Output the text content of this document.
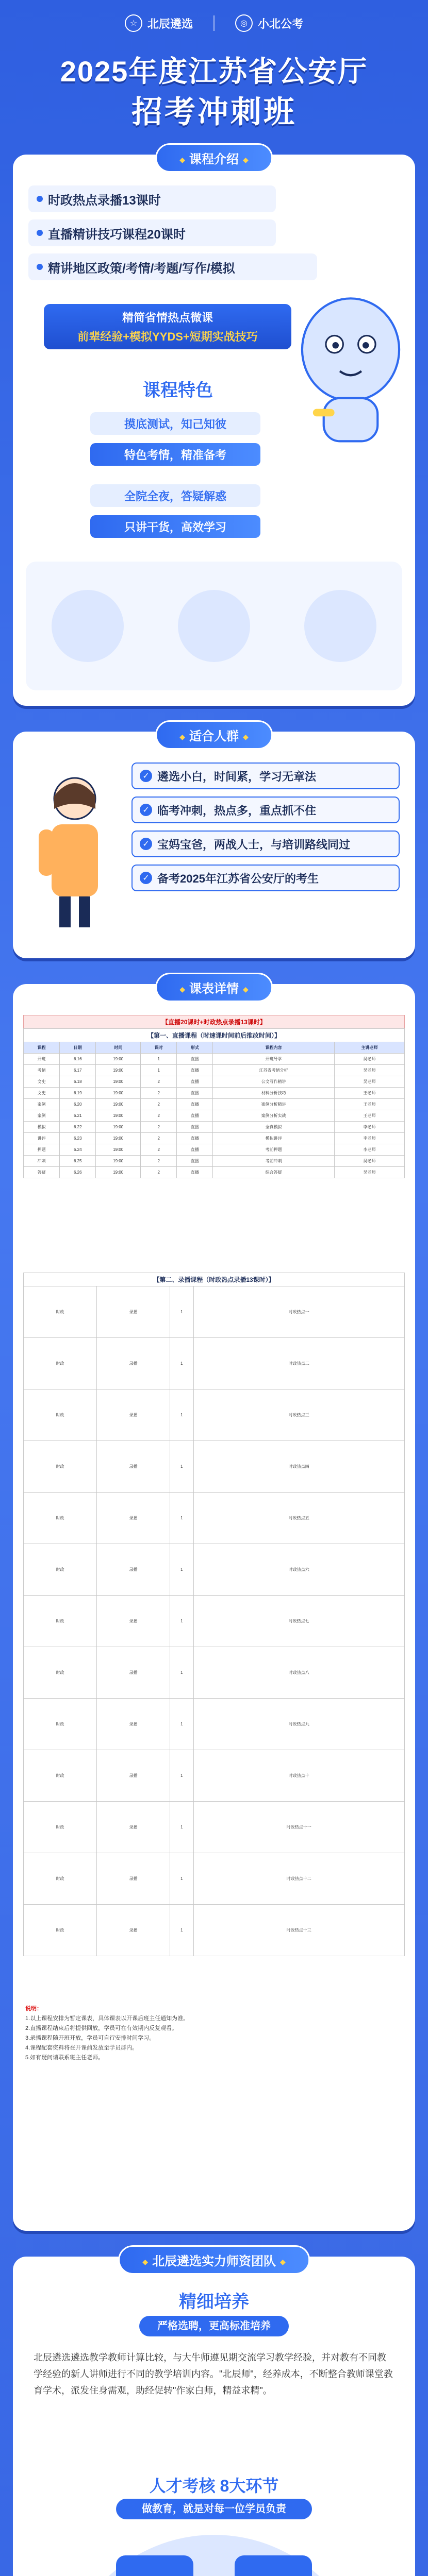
☆ 北辰遴选	◎ 小北公考
2025年度江苏省公安厅
招考冲刺班
◆ 课程介绍 ◆
时政热点录播13课时
直播精讲技巧课程20课时
精讲地区政策/考情/考题/写作/模拟
精简省情热点微课
前辈经验+模拟YYDS+短期实战技巧
课程特色
摸底测试，知己知彼
特色考情，精准备考
全院全夜，答疑解惑
只讲干货，高效学习
◆ 适合人群 ◆
✓ 遴选小白，时间紧，学习无章法
✓ 临考冲刺，热点多，重点抓不住
✓ 宝妈宝爸，两战人士，与培训路线同过
✓ 备考2025年江苏省公安厅的考生
◆ 课表详情 ◆
【直播20课时+时政热点录播13课时】
【第一、直播课程（时速课时间前后推改时间）】
课程	日期	时间	课时	形式	课程内容	主讲老师
开班	6.16	19:00	1	直播	开班导学	吴老师
考情	6.17	19:00	1	直播	江苏省考情分析	吴老师
文史	6.18	19:00	2	直播	公文写作精讲	吴老师
文史	6.19	19:00	2	直播	材料分析技巧	王老师
案例	6.20	19:00	2	直播	案例分析精讲	王老师
案例	6.21	19:00	2	直播	案例分析实战	王老师
模拟	6.22	19:00	2	直播	全真模拟	李老师
讲评	6.23	19:00	2	直播	模拟讲评	李老师
押题	6.24	19:00	2	直播	考前押题	李老师
冲刺	6.25	19:00	2	直播	考前冲刺	吴老师
答疑	6.26	19:00	2	直播	综合答疑	吴老师
【第二、录播课程（时政热点录播13课时）】
时政	录播	1	时政热点一
时政	录播	1	时政热点二
时政	录播	1	时政热点三
时政	录播	1	时政热点四
时政	录播	1	时政热点五
时政	录播	1	时政热点六
时政	录播	1	时政热点七
时政	录播	1	时政热点八
时政	录播	1	时政热点九
时政	录播	1	时政热点十
时政	录播	1	时政热点十一
时政	录播	1	时政热点十二
时政	录播	1	时政热点十三
说明：
1.以上课程安排为暂定课表，具体课表以开课后班主任通知为准。
2.直播课程结束后将提供回放，学员可在有效期内反复观看。
3.录播课程随开班开放，学员可自行安排时间学习。
4.课程配套资料将在开课前发放至学员群内。
5.如有疑问请联系班主任老师。
◆ 北辰遴选实力师资团队 ◆
精细培养
严格选聘，更高标准培养
北辰遴选遴选教学教师计算比较，与大牛师遵见期交流学习教学经验，并对教有不同教学经验的新人讲师进行不同的教学培训内容。"北辰师"，经养成本，不断整合教师课堂教育学术，派发住身需观，助经促转"作家白师，精益求精"。
人才考核 8大环节
做教育，就是对每一位学员负责
